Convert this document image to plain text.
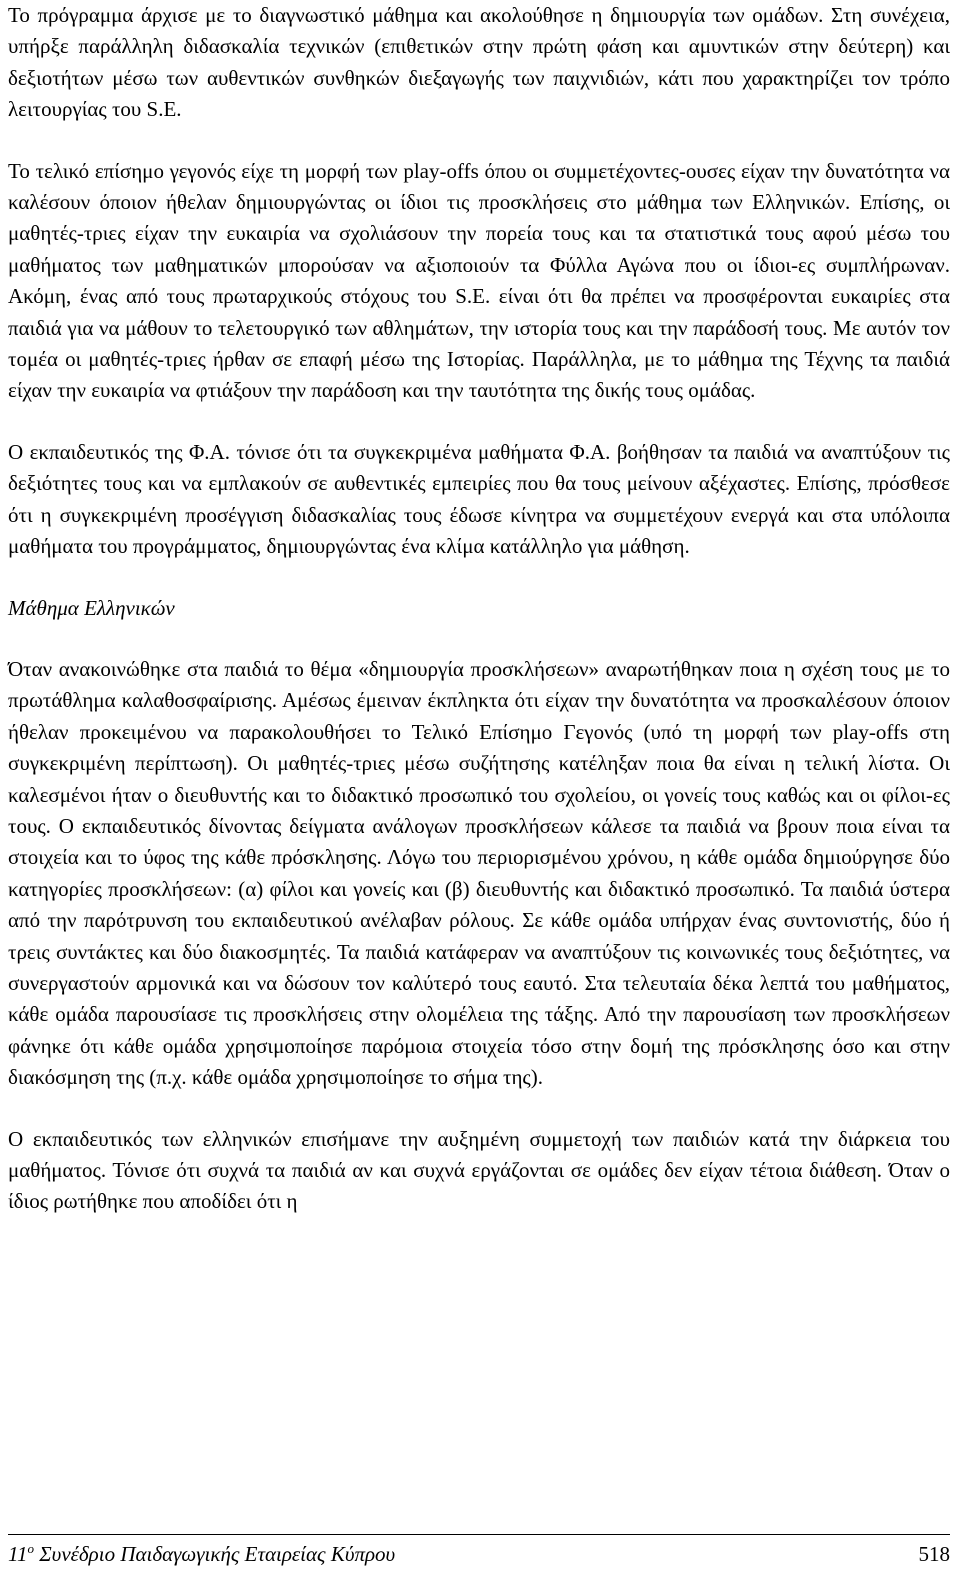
Το πρόγραμμα άρχισε με το διαγνωστικό μάθημα και ακολούθησε η δημιουργία των ομάδων. Στη συνέχεια, υπήρξε παράλληλη διδασκαλία τεχνικών (επιθετικών στην πρώτη φάση και αμυντικών στην δεύτερη) και δεξιοτήτων μέσω των αυθεντικών συνθηκών διεξαγωγής των παιχνιδιών, κάτι που χαρακτηρίζει τον τρόπο λειτουργίας του S.E.

Το τελικό επίσημο γεγονός είχε τη μορφή των play-offs όπου οι συμμετέχοντες-ουσες είχαν την δυνατότητα να καλέσουν όποιον ήθελαν δημιουργώντας οι ίδιοι τις προσκλήσεις στο μάθημα των Ελληνικών. Επίσης, οι μαθητές-τριες είχαν την ευκαιρία να σχολιάσουν την πορεία τους και τα στατιστικά τους αφού μέσω του μαθήματος των μαθηματικών μπορούσαν να αξιοποιούν τα Φύλλα Αγώνα που οι ίδιοι-ες συμπλήρωναν. Ακόμη, ένας από τους πρωταρχικούς στόχους του S.E. είναι ότι θα πρέπει να προσφέρονται ευκαιρίες στα παιδιά για να μάθουν το τελετουργικό των αθλημάτων, την ιστορία τους και την παράδοσή τους. Με αυτόν τον τομέα οι μαθητές-τριες ήρθαν σε επαφή μέσω της Ιστορίας. Παράλληλα, με το μάθημα της Τέχνης τα παιδιά είχαν την ευκαιρία να φτιάξουν την παράδοση και την ταυτότητα της δικής τους ομάδας.

Ο εκπαιδευτικός της Φ.Α. τόνισε ότι τα συγκεκριμένα μαθήματα Φ.Α. βοήθησαν τα παιδιά να αναπτύξουν τις δεξιότητες τους και να εμπλακούν σε αυθεντικές εμπειρίες που θα τους μείνουν αξέχαστες. Επίσης, πρόσθεσε ότι η συγκεκριμένη προσέγγιση διδασκαλίας τους έδωσε κίνητρα να συμμετέχουν ενεργά και στα υπόλοιπα μαθήματα του προγράμματος, δημιουργώντας ένα κλίμα κατάλληλο για μάθηση.

Μάθημα Ελληνικών

Όταν ανακοινώθηκε στα παιδιά το θέμα «δημιουργία προσκλήσεων» αναρωτήθηκαν ποια η σχέση τους με το πρωτάθλημα καλαθοσφαίρισης. Αμέσως έμειναν έκπληκτα ότι είχαν την δυνατότητα να προσκαλέσουν όποιον ήθελαν προκειμένου να παρακολουθήσει το Τελικό Επίσημο Γεγονός (υπό τη μορφή των play-offs στη συγκεκριμένη περίπτωση). Οι μαθητές-τριες μέσω συζήτησης κατέληξαν ποια θα είναι η τελική λίστα. Οι καλεσμένοι ήταν ο διευθυντής και το διδακτικό προσωπικό του σχολείου, οι γονείς τους καθώς και οι φίλοι-ες τους. Ο εκπαιδευτικός δίνοντας δείγματα ανάλογων προσκλήσεων κάλεσε τα παιδιά να βρουν ποια είναι τα στοιχεία και το ύφος της κάθε πρόσκλησης. Λόγω του περιορισμένου χρόνου, η κάθε ομάδα δημιούργησε δύο κατηγορίες προσκλήσεων: (α) φίλοι και γονείς και (β) διευθυντής και διδακτικό προσωπικό. Τα παιδιά ύστερα από την παρότρυνση του εκπαιδευτικού ανέλαβαν ρόλους. Σε κάθε ομάδα υπήρχαν ένας συντονιστής, δύο ή τρεις συντάκτες και δύο διακοσμητές. Τα παιδιά κατάφεραν να αναπτύξουν τις κοινωνικές τους δεξιότητες, να συνεργαστούν αρμονικά και να δώσουν τον καλύτερό τους εαυτό. Στα τελευταία δέκα λεπτά του μαθήματος, κάθε ομάδα παρουσίασε τις προσκλήσεις στην ολομέλεια της τάξης. Από την παρουσίαση των προσκλήσεων φάνηκε ότι κάθε ομάδα χρησιμοποίησε παρόμοια στοιχεία τόσο στην δομή της πρόσκλησης όσο και στην διακόσμηση της (π.χ. κάθε ομάδα χρησιμοποίησε το σήμα της).

Ο εκπαιδευτικός των ελληνικών επισήμανε την αυξημένη συμμετοχή των παιδιών κατά την διάρκεια του μαθήματος. Τόνισε ότι συχνά τα παιδιά αν και συχνά εργάζονται σε ομάδες δεν είχαν τέτοια διάθεση. Όταν ο ίδιος ρωτήθηκε που αποδίδει ότι η

$11^o$ Συνέδριο Παιδαγωγικής Εταιρείας Κύπρου	518
